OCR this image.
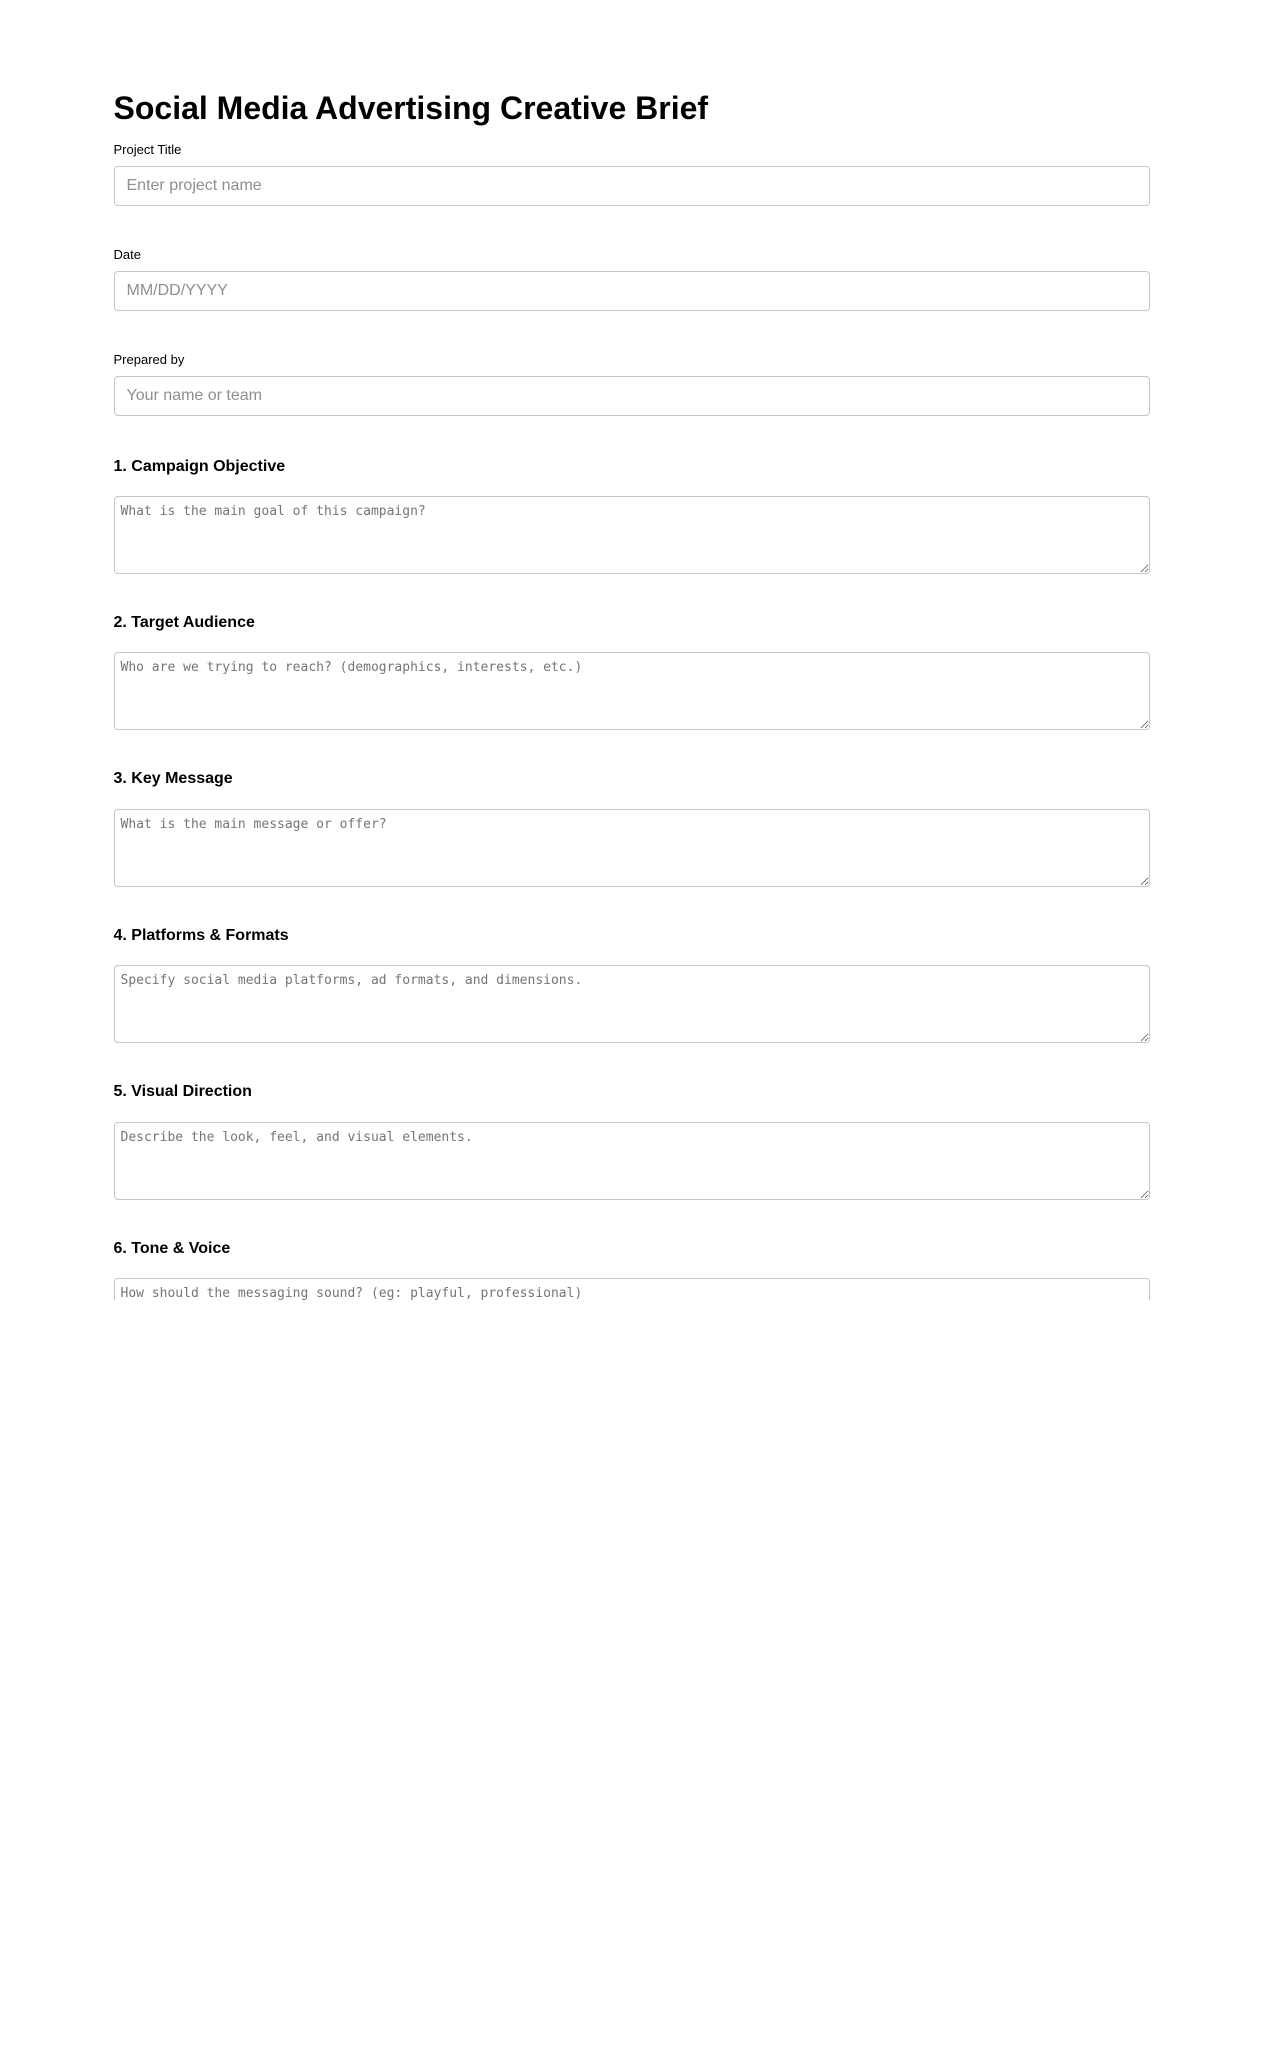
Social Media Advertising Creative Brief
Project Title
Enter project name
Date
MM/DD/YYYY
Prepared by
Your name or team
1. Campaign Objective
What is the main goal of this campaign?
2. Target Audience
Who are we trying to reach? (demographics, interests, etc.)
3. Key Message
What is the main message or offer?
4. Platforms & Formats
Specify social media platforms, ad formats, and dimensions.
5. Visual Direction
Describe the look, feel, and visual elements.
6. Tone & Voice
How should the messaging sound? (eg: playful, professional)
